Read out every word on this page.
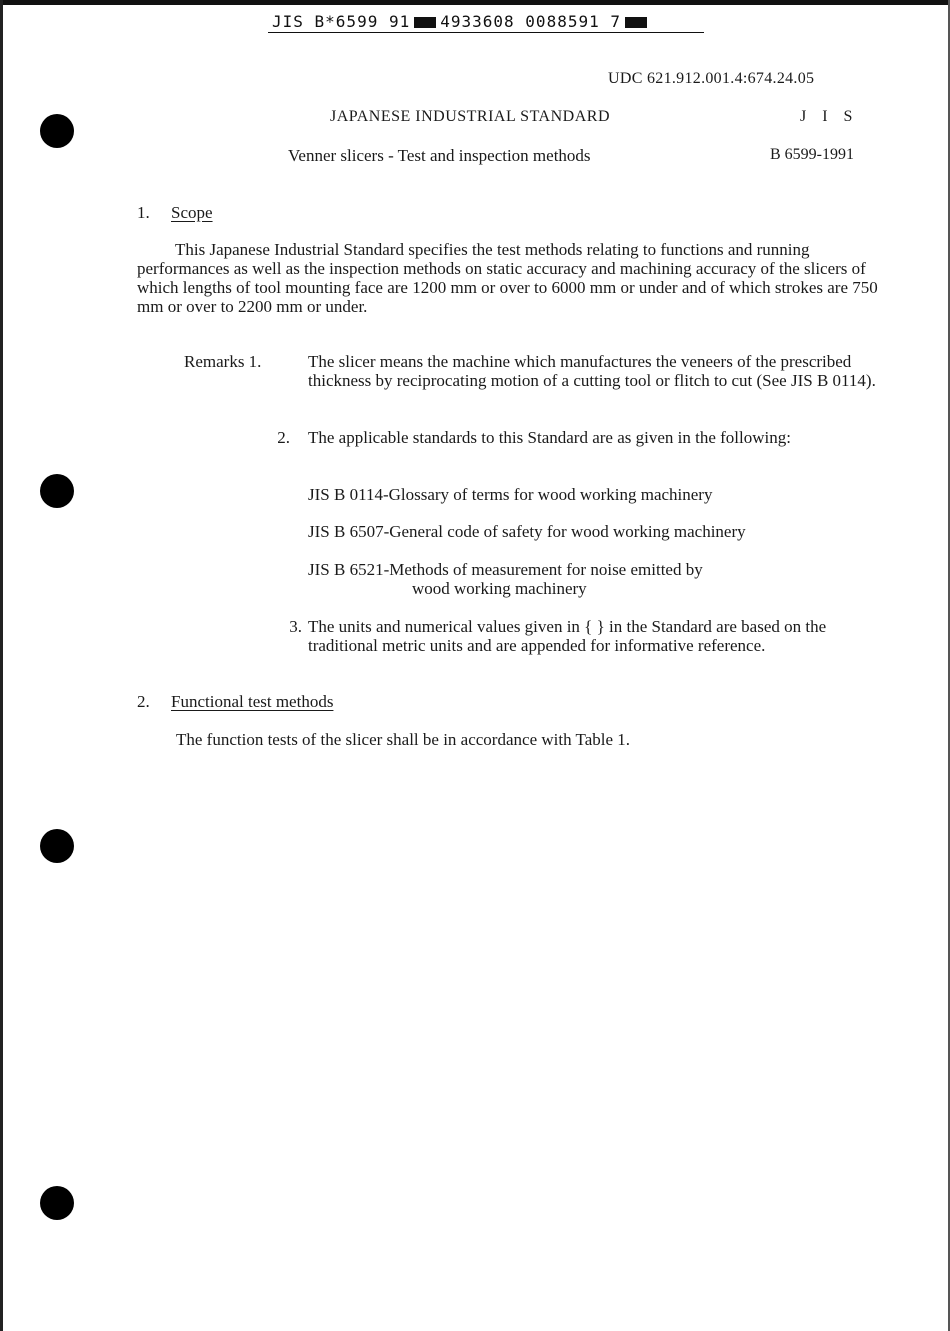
JIS B*6599 91 4933608 0088591 7
UDC 621.912.001.4:674.24.05
JAPANESE INDUSTRIAL STANDARD	J I S
Venner slicers - Test and inspection methods	B 6599-1991
1. Scope
This Japanese Industrial Standard specifies the test methods relating to functions and running performances as well as the inspection methods on static accuracy and machining accuracy of the slicers of which lengths of tool mounting face are 1200 mm or over to 6000 mm or under and of which strokes are 750 mm or over to 2200 mm or under.
Remarks 1.	The slicer means the machine which manufactures the veneers of the prescribed thickness by reciprocating motion of a cutting tool or flitch to cut (See JIS B 0114).
2. The applicable standards to this Standard are as given in the following:
JIS B 0114-Glossary of terms for wood working machinery
JIS B 6507-General code of safety for wood working machinery
JIS B 6521-Methods of measurement for noise emitted by
wood working machinery
3. The units and numerical values given in { } in the Standard are based on the traditional metric units and are appended for informative reference.
2. Functional test methods
The function tests of the slicer shall be in accordance with Table 1.
